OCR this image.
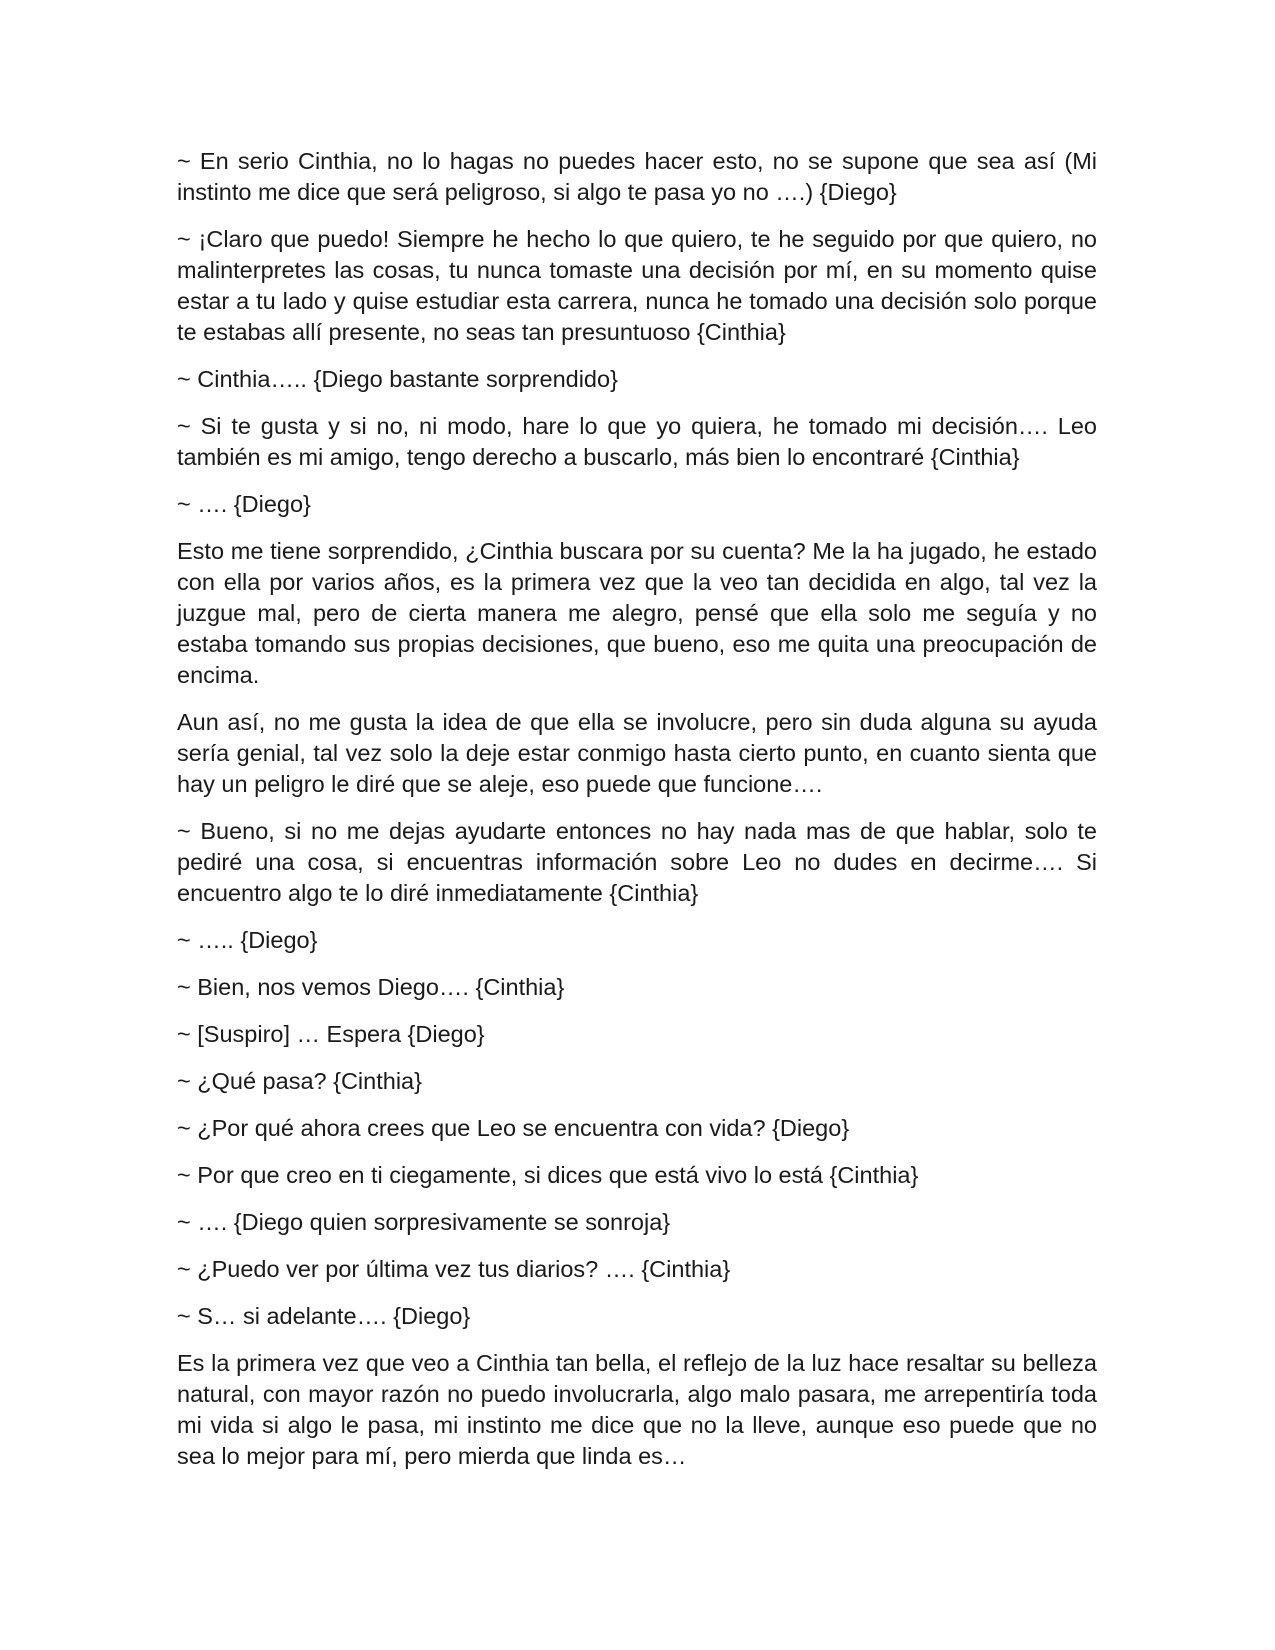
~ En serio Cinthia, no lo hagas no puedes hacer esto, no se supone que sea así (Mi instinto me dice que será peligroso, si algo te pasa yo no ….) {Diego}

~ ¡Claro que puedo! Siempre he hecho lo que quiero, te he seguido por que quiero, no malinterpretes las cosas, tu nunca tomaste una decisión por mí, en su momento quise estar a tu lado y quise estudiar esta carrera, nunca he tomado una decisión solo porque te estabas allí presente, no seas tan presuntuoso {Cinthia}

~ Cinthia….. {Diego bastante sorprendido}

~ Si te gusta y si no, ni modo, hare lo que yo quiera, he tomado mi decisión…. Leo también es mi amigo, tengo derecho a buscarlo, más bien lo encontraré {Cinthia}

~ …. {Diego}

Esto me tiene sorprendido, ¿Cinthia buscara por su cuenta? Me la ha jugado, he estado con ella por varios años, es la primera vez que la veo tan decidida en algo, tal vez la juzgue mal, pero de cierta manera me alegro, pensé que ella solo me seguía y no estaba tomando sus propias decisiones, que bueno, eso me quita una preocupación de encima.

Aun así, no me gusta la idea de que ella se involucre, pero sin duda alguna su ayuda sería genial, tal vez solo la deje estar conmigo hasta cierto punto, en cuanto sienta que hay un peligro le diré que se aleje, eso puede que funcione….

~ Bueno, si no me dejas ayudarte entonces no hay nada mas de que hablar, solo te pediré una cosa, si encuentras información sobre Leo no dudes en decirme…. Si encuentro algo te lo diré inmediatamente {Cinthia}

~ ….. {Diego}

~ Bien, nos vemos Diego…. {Cinthia}

~ [Suspiro] … Espera {Diego}

~ ¿Qué pasa? {Cinthia}

~ ¿Por qué ahora crees que Leo se encuentra con vida? {Diego}

~ Por que creo en ti ciegamente, si dices que está vivo lo está {Cinthia}

~ …. {Diego quien sorpresivamente se sonroja}

~ ¿Puedo ver por última vez tus diarios? …. {Cinthia}

~ S… si adelante…. {Diego}

Es la primera vez que veo a Cinthia tan bella, el reflejo de la luz hace resaltar su belleza natural, con mayor razón no puedo involucrarla, algo malo pasara, me arrepentiría toda mi vida si algo le pasa, mi instinto me dice que no la lleve, aunque eso puede que no sea lo mejor para mí, pero mierda que linda es…
